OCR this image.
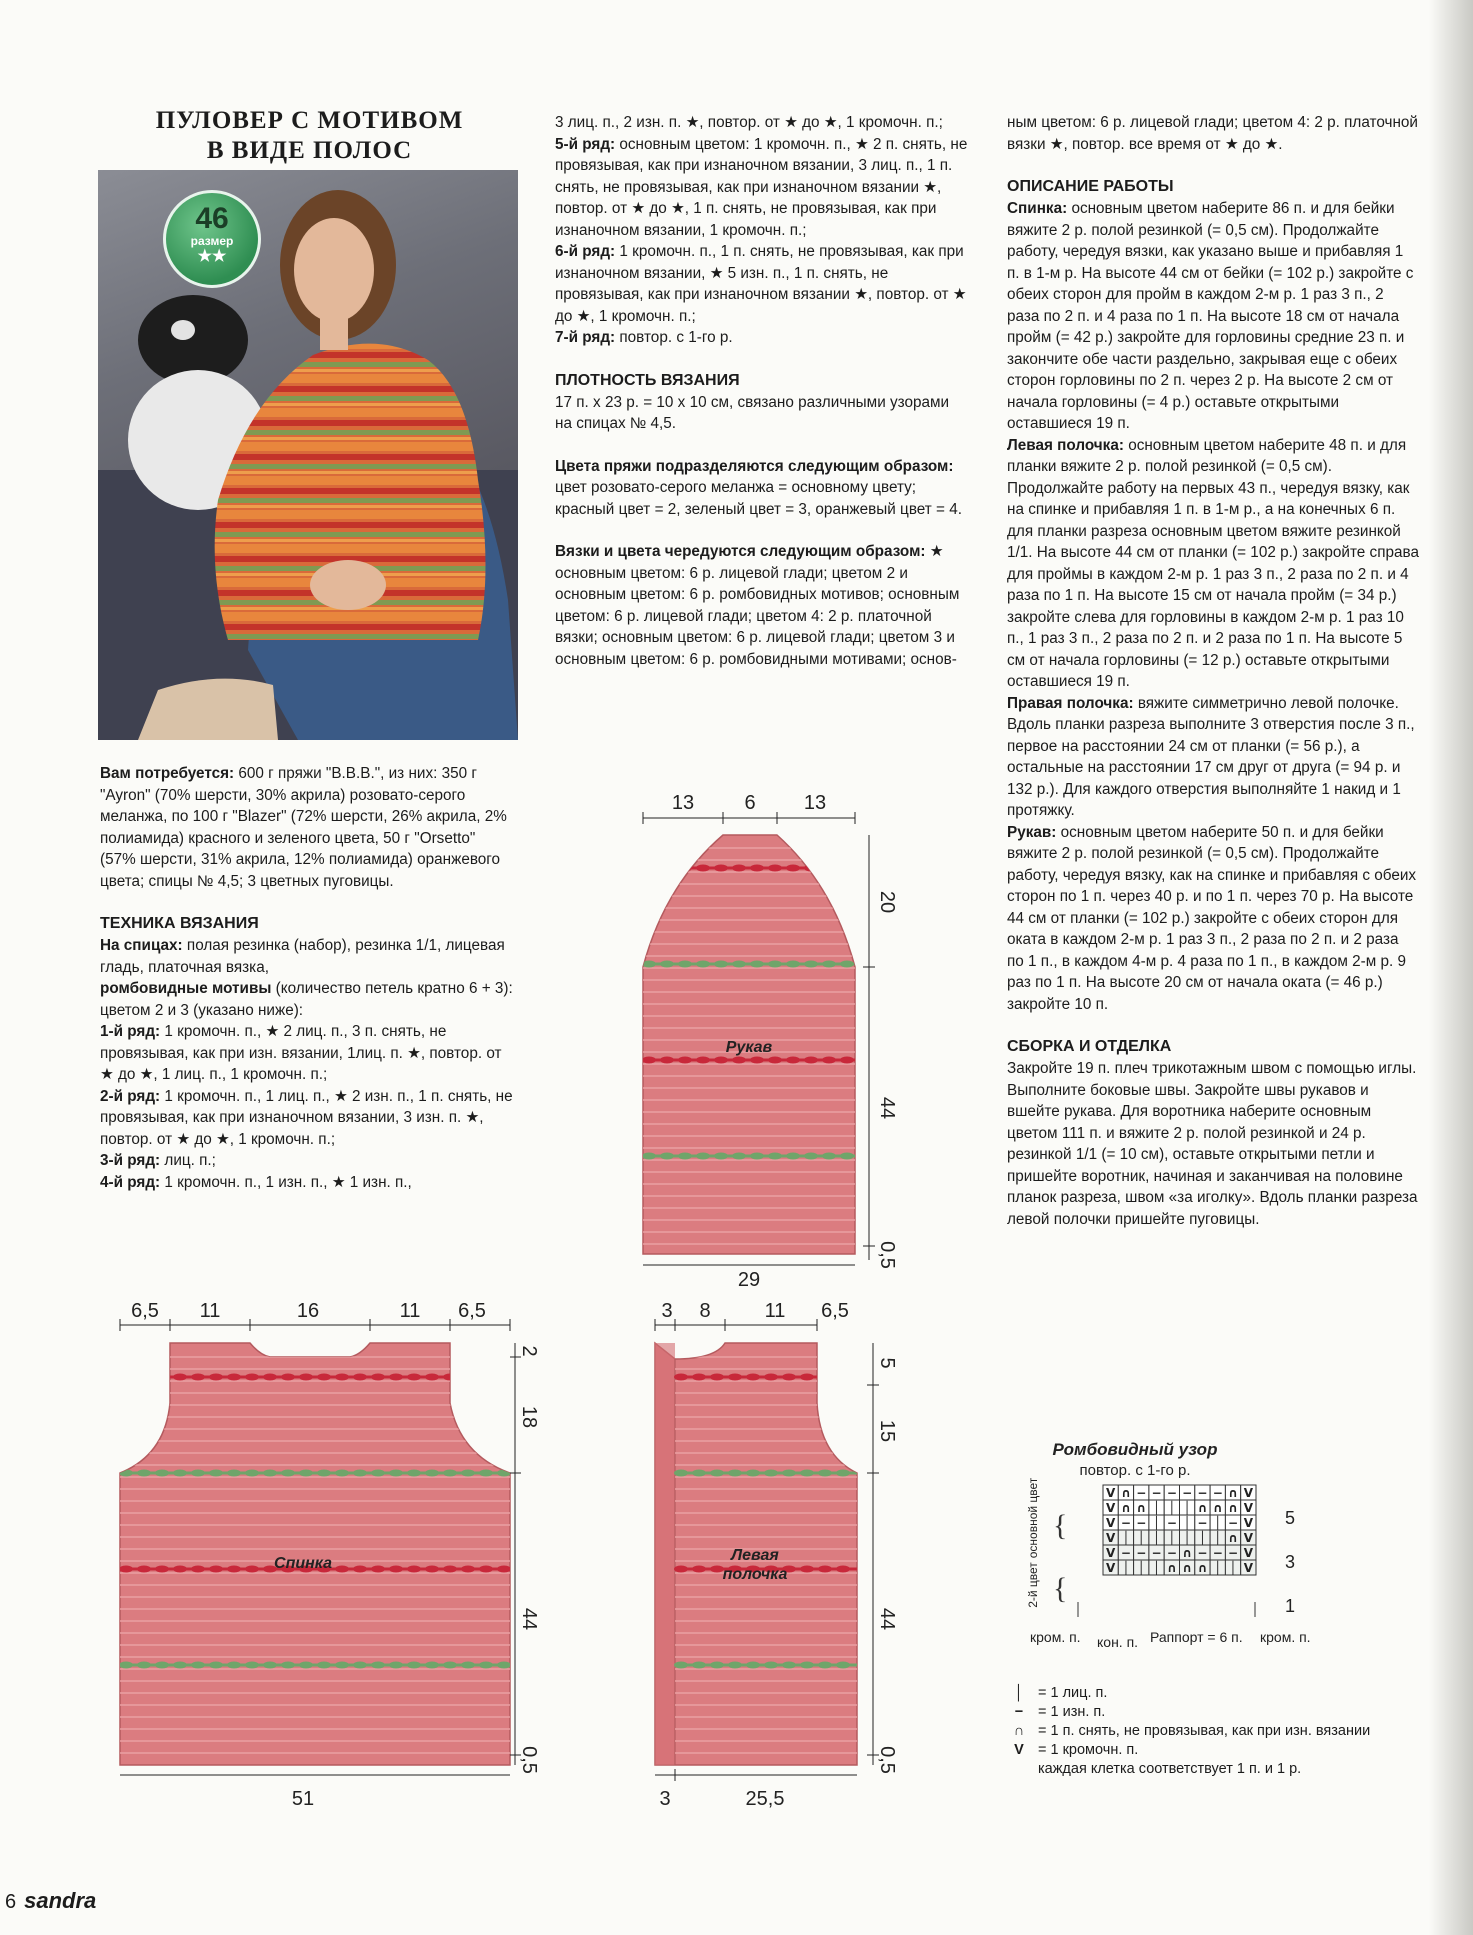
ПУЛОВЕР С МОТИВОМ
В ВИДЕ ПОЛОС
46
размер
★★

Вам потребуется: 600 г пряжи "B.B.B.", из них: 350 г "Ayron" (70% шерсти, 30% акрила) розовато-серого меланжа, по 100 г "Blazer" (72% шерсти, 26% акрила, 2% полиамида) красного и зеленого цвета, 50 г "Orsetto" (57% шерсти, 31% акрила, 12% полиамида) оранжевого цвета; спицы № 4,5; 3 цветных пуговицы.

ТЕХНИКА ВЯЗАНИЯ

На спицах: полая резинка (набор), резинка 1/1, лицевая гладь, платочная вязка,

ромбовидные мотивы (количество петель кратно 6 + 3):

цветом 2 и 3 (указано ниже):

1-й ряд: 1 кромочн. п., ★ 2 лиц. п., 3 п. снять, не провязывая, как при изн. вязании, 1лиц. п. ★, повтор. от ★ до ★, 1 лиц. п., 1 кромочн. п.;

2-й ряд: 1 кромочн. п., 1 лиц. п., ★ 2 изн. п., 1 п. снять, не провязывая, как при изнаночном вязании, 3 изн. п. ★, повтор. от ★ до ★, 1 кромочн. п.;

3-й ряд: лиц. п.;

4-й ряд: 1 кромочн. п., 1 изн. п., ★ 1 изн. п.,

3 лиц. п., 2 изн. п. ★, повтор. от ★ до ★, 1 кромочн. п.;

5-й ряд: основным цветом: 1 кромочн. п., ★ 2 п. снять, не провязывая, как при изнаночном вязании, 3 лиц. п., 1 п. снять, не провязывая, как при изнаночном вязании ★, повтор. от ★ до ★, 1 п. снять, не провязывая, как при изнаночном вязании, 1 кромочн. п.;

6-й ряд: 1 кромочн. п., 1 п. снять, не провязывая, как при изнаночном вязании, ★ 5 изн. п., 1 п. снять, не провязывая, как при изнаночном вязании ★, повтор. от ★ до ★, 1 кромочн. п.;

7-й ряд: повтор. с 1-го р.

ПЛОТНОСТЬ ВЯЗАНИЯ

17 п. х 23 р. = 10 х 10 см, связано различными узорами на спицах № 4,5.

Цвета пряжи подразделяются следующим образом: цвет розовато-серого меланжа = основному цвету; красный цвет = 2, зеленый цвет = 3, оранжевый цвет = 4.

Вязки и цвета чередуются следующим образом: ★ основным цветом: 6 р. лицевой глади; цветом 2 и основным цветом: 6 р. ромбовидных мотивов; основным цветом: 6 р. лицевой глади; цветом 4: 2 р. платочной вязки; основным цветом: 6 р. лицевой глади; цветом 3 и основным цветом: 6 р. ромбовидными мотивами; основ-

ным цветом: 6 р. лицевой глади; цветом 4: 2 р. платочной вязки ★, повтор. все время от ★ до ★.

ОПИСАНИЕ РАБОТЫ

Спинка: основным цветом наберите 86 п. и для бейки вяжите 2 р. полой резинкой (= 0,5 см). Продолжайте работу, чередуя вязки, как указано выше и прибавляя 1 п. в 1-м р. На высоте 44 см от бейки (= 102 р.) закройте с обеих сторон для пройм в каждом 2-м р. 1 раз 3 п., 2 раза по 2 п. и 4 раза по 1 п. На высоте 18 см от начала пройм (= 42 р.) закройте для горловины средние 23 п. и закончите обе части раздельно, закрывая еще с обеих сторон горловины по 2 п. через 2 р. На высоте 2 см от начала горловины (= 4 р.) оставьте открытыми оставшиеся 19 п.

Левая полочка: основным цветом наберите 48 п. и для планки вяжите 2 р. полой резинкой (= 0,5 см). Продолжайте работу на первых 43 п., чередуя вязку, как на спинке и прибавляя 1 п. в 1-м р., а на конечных 6 п. для планки разреза основным цветом вяжите резинкой 1/1. На высоте 44 см от планки (= 102 р.) закройте справа для проймы в каждом 2-м р. 1 раз 3 п., 2 раза по 2 п. и 4 раза по 1 п. На высоте 15 см от начала пройм (= 34 р.) закройте слева для горловины в каждом 2-м р. 1 раз 10 п., 1 раз 3 п., 2 раза по 2 п. и 2 раза по 1 п. На высоте 5 см от начала горловины (= 12 р.) оставьте открытыми оставшиеся 19 п.

Правая полочка: вяжите симметрично левой полочке. Вдоль планки разреза выполните 3 отверстия после 3 п., первое на расстоянии 24 см от планки (= 56 р.), а остальные на расстоянии 17 см друг от друга (= 94 р. и 132 р.). Для каждого отверстия выполняйте 1 накид и 1 протяжку.

Рукав: основным цветом наберите 50 п. и для бейки вяжите 2 р. полой резинкой (= 0,5 см). Продолжайте работу, чередуя вязку, как на спинке и прибавляя с обеих сторон по 1 п. через 40 р. и по 1 п. через 70 р. На высоте 44 см от планки (= 102 р.) закройте с обеих сторон для оката в каждом 2-м р. 1 раз 3 п., 2 раза по 2 п. и 2 раза по 1 п., в каждом 4-м р. 4 раза по 1 п., в каждом 2-м р. 9 раз по 1 п. На высоте 20 см от начала оката (= 46 р.) закройте 10 п.

СБОРКА И ОТДЕЛКА

Закройте 19 п. плеч трикотажным швом с помощью иглы. Выполните боковые швы. Закройте швы рукавов и вшейте рукава. Для воротника наберите основным цветом 111 п. и вяжите 2 р. полой резинкой и 24 р. резинкой 1/1 (= 10 см), оставьте открытыми петли и пришейте воротник, начиная и заканчивая на половине планок разреза, швом «за иголку». Вдоль планки разреза левой полочки пришейте пуговицы.

13	6 13
20
44
0,5
29
Рукав
6,5 11	16	11 6,5
2
18
44
0,5
51
Спинка
3 8	11 6,5
5
15
44
0,5
3	25,5
Левая
полочка
Ромбовидный узор
повтор. с 1-го р.
основной цвет
2-й цвет
{
{
V ∩ − − − − − − ∩ V
V ∩ ∩ │ │ │ ∩ ∩ ∩ V
V − − │ − │ − │ − V
V │ │ │ │ │ │ │ ∩ V
V − − − − ∩ − − − V
V │ │ │ ∩ ∩ ∩ │ │ V
5
3
1
кром. п. кон. п. Раппорт = 6 п. кром. п.
│ = 1 лиц. п.
−	= 1 изн. п.
∩ = 1 п. снять, не провязывая, как при изн. вязании
V = 1 кромочн. п.
каждая клетка соответствует 1 п. и 1 р.
6 sandra
